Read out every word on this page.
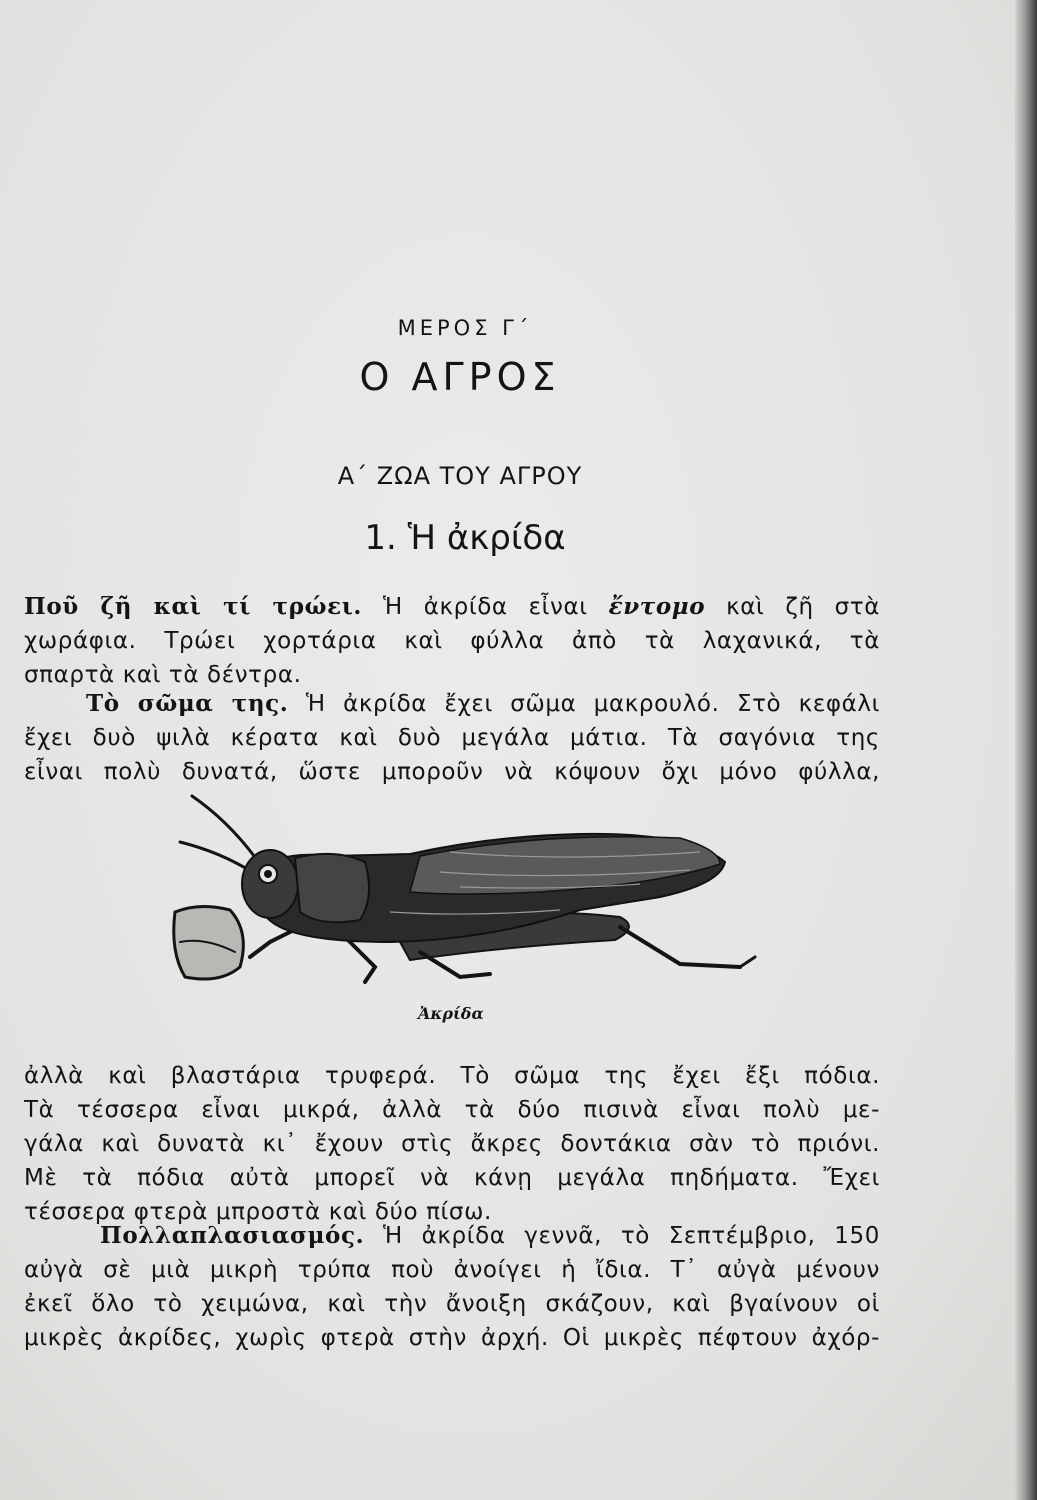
ΜΕΡΟΣ Γ΄
Ο ΑΓΡΟΣ
Α΄ ΖΩΑ ΤΟΥ ΑΓΡΟΥ
1. Ἡ ἀκρίδα
Ποῦ ζῆ καὶ τί τρώει. Ἡ ἀκρίδα εἶναι ἔντομο καὶ ζῆ στὰ
χωράφια. Τρώει χορτάρια καὶ φύλλα ἀπὸ τὰ λαχανικά, τὰ
σπαρτὰ καὶ τὰ δέντρα.
Τὸ σῶμα της. Ἡ ἀκρίδα ἔχει σῶμα μακρουλό. Στὸ κεφάλι
ἔχει δυὸ ψιλὰ κέρατα καὶ δυὸ μεγάλα μάτια. Τὰ σαγόνια της
εἶναι πολὺ δυνατά, ὥστε μποροῦν νὰ κόψουν ὄχι μόνο φύλλα,
Ἀκρίδα
ἀλλὰ καὶ βλαστάρια τρυφερά. Τὸ σῶμα της ἔχει ἔξι πόδια.
Τὰ τέσσερα εἶναι μικρά, ἀλλὰ τὰ δύο πισινὰ εἶναι πολὺ με-
γάλα καὶ δυνατὰ κι᾿ ἔχουν στὶς ἄκρες δοντάκια σὰν τὸ πριόνι.
Μὲ τὰ πόδια αὐτὰ μπορεῖ νὰ κάνῃ μεγάλα πηδήματα. Ἔχει
τέσσερα φτερὰ μπροστὰ καὶ δύο πίσω.
Πολλαπλασιασμός. Ἡ ἀκρίδα γεννᾶ, τὸ Σεπτέμβριο, 150
αὐγὰ σὲ μιὰ μικρὴ τρύπα ποὺ ἀνοίγει ἡ ἴδια. Τ᾿ αὐγὰ μένουν
ἐκεῖ ὅλο τὸ χειμώνα, καὶ τὴν ἄνοιξη σκάζουν, καὶ βγαίνουν οἱ
μικρὲς ἀκρίδες, χωρὶς φτερὰ στὴν ἀρχή. Οἱ μικρὲς πέφτουν ἀχόρ-
